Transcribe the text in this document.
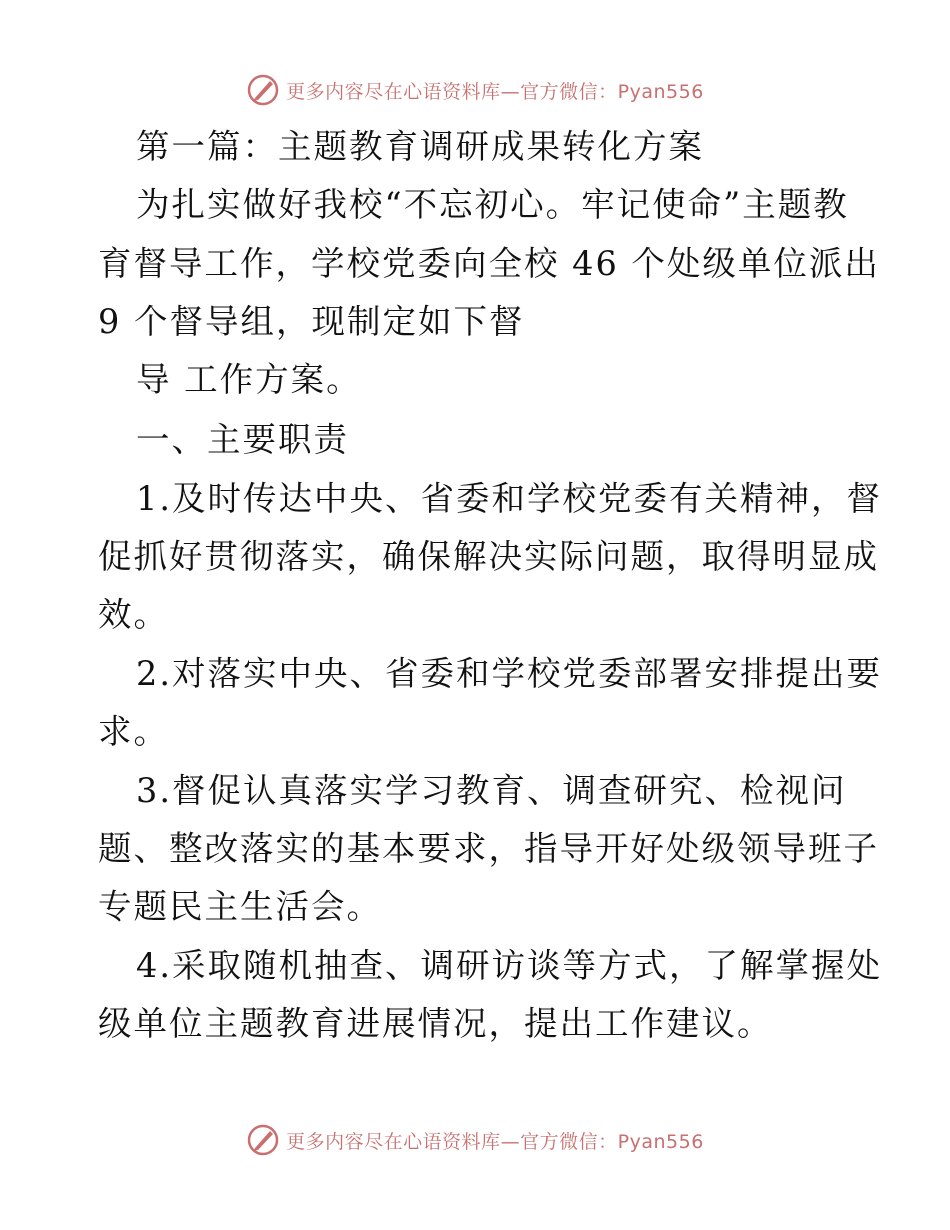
更多内容尽在心语资料库—官方微信：Pyan556
第一篇：主题教育调研成果转化方案
为扎实做好我校“不忘初心。牢记使命”主题教
育督导工作，学校党委向全校 46 个处级单位派出
9 个督导组，现制定如下督
导 工作方案。
一、主要职责
1.及时传达中央、省委和学校党委有关精神，督
促抓好贯彻落实，确保解决实际问题，取得明显成
效。
2.对落实中央、省委和学校党委部署安排提出要
求。
3.督促认真落实学习教育、调查研究、检视问
题、整改落实的基本要求，指导开好处级领导班子
专题民主生活会。
4.采取随机抽查、调研访谈等方式，了解掌握处
级单位主题教育进展情况，提出工作建议。
更多内容尽在心语资料库—官方微信：Pyan556
